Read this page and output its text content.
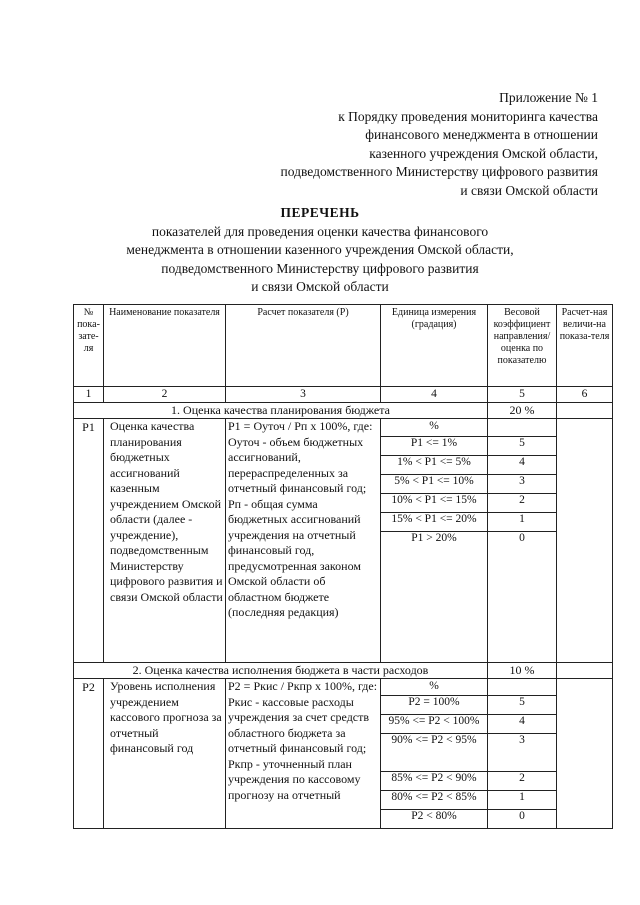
Приложение № 1
к Порядку проведения мониторинга качества
финансового менеджмента в отношении
казенного учреждения Омской области,
подведомственного Министерству цифрового развития
и связи Омской области
ПЕРЕЧЕНЬ
показателей для проведения оценки качества финансового
менеджмента в отношении казенного учреждения Омской области,
подведомственного Министерству цифрового развития
и связи Омской области
№ пока-зате-ля	Наименование показателя	Расчет показателя (Р)	Единица измерения (градация)	Весовой коэффициент направления/ оценка по показателю	Расчет-ная величи-на показа-теля
1	2	3	4	5	6
1. Оценка качества планирования бюджета				20 %	
Р1	Оценка качества планирования бюджетных ассигнований казенным учреждением Омской области (далее - учреждение), подведомственным Министерству цифрового развития и связи Омской области	Р1 = Оуточ / Рп x 100%, где: Оуточ - объем бюджетных ассигнований, перераспределенных за отчетный финансовый год; Рп - общая сумма бюджетных ассигнований учреждения на отчетный финансовый год, предусмотренная законом Омской области об областном бюджете (последняя редакция)	%		
			Р1 <= 1%	5	
			1% < Р1 <= 5%	4	
			5% < Р1 <= 10%	3	
			10% < Р1 <= 15%	2	
			15% < Р1 <= 20%	1	
			Р1 > 20%	0	
2. Оценка качества исполнения бюджета в части расходов				10 %	
Р2	Уровень исполнения учреждением кассового прогноза за отчетный финансовый год	Р2 = Ркис / Ркпр x 100%, где: Ркис - кассовые расходы учреждения за счет средств областного бюджета за отчетный финансовый год; Ркпр - уточненный план учреждения по кассовому прогнозу на отчетный	%		
			Р2 = 100%	5	
			95% <= Р2 < 100%	4	
			90% <= Р2 < 95%	3	
			85% <= Р2 < 90%	2	
			80% <= Р2 < 85%	1	
			Р2 < 80%	0	
